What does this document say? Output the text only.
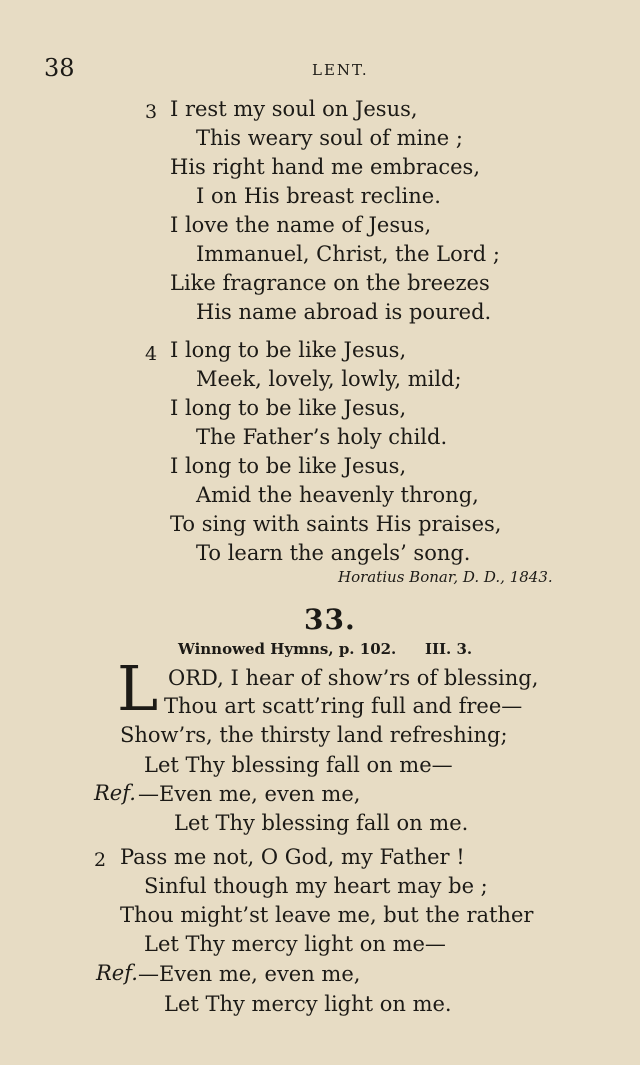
38	LENT.
3 I rest my soul on Jesus,
This weary soul of mine ;
His right hand me embraces,
I on His breast recline.
I love the name of Jesus,
Immanuel, Christ, the Lord ;
Like fragrance on the breezes
His name abroad is poured.
4 I long to be like Jesus,
Meek, lovely, lowly, mild;
I long to be like Jesus,
The Father’s holy child.
I long to be like Jesus,
Amid the heavenly throng,
To sing with saints His praises,
To learn the angels’ song.
Horatius Bonar, D. D., 1843.
33.
Winnowed Hymns, p. 102. III. 3.
L ORD, I hear of show’rs of blessing,
Thou art scatt’ring full and free—
Show’rs, the thirsty land refreshing;
Let Thy blessing fall on me—
Ref. —Even me, even me,
Let Thy blessing fall on me.
2 Pass me not, O God, my Father !
Sinful though my heart may be ;
Thou might’st leave me, but the rather
Let Thy mercy light on me—
Ref. —Even me, even me,
Let Thy mercy light on me.
